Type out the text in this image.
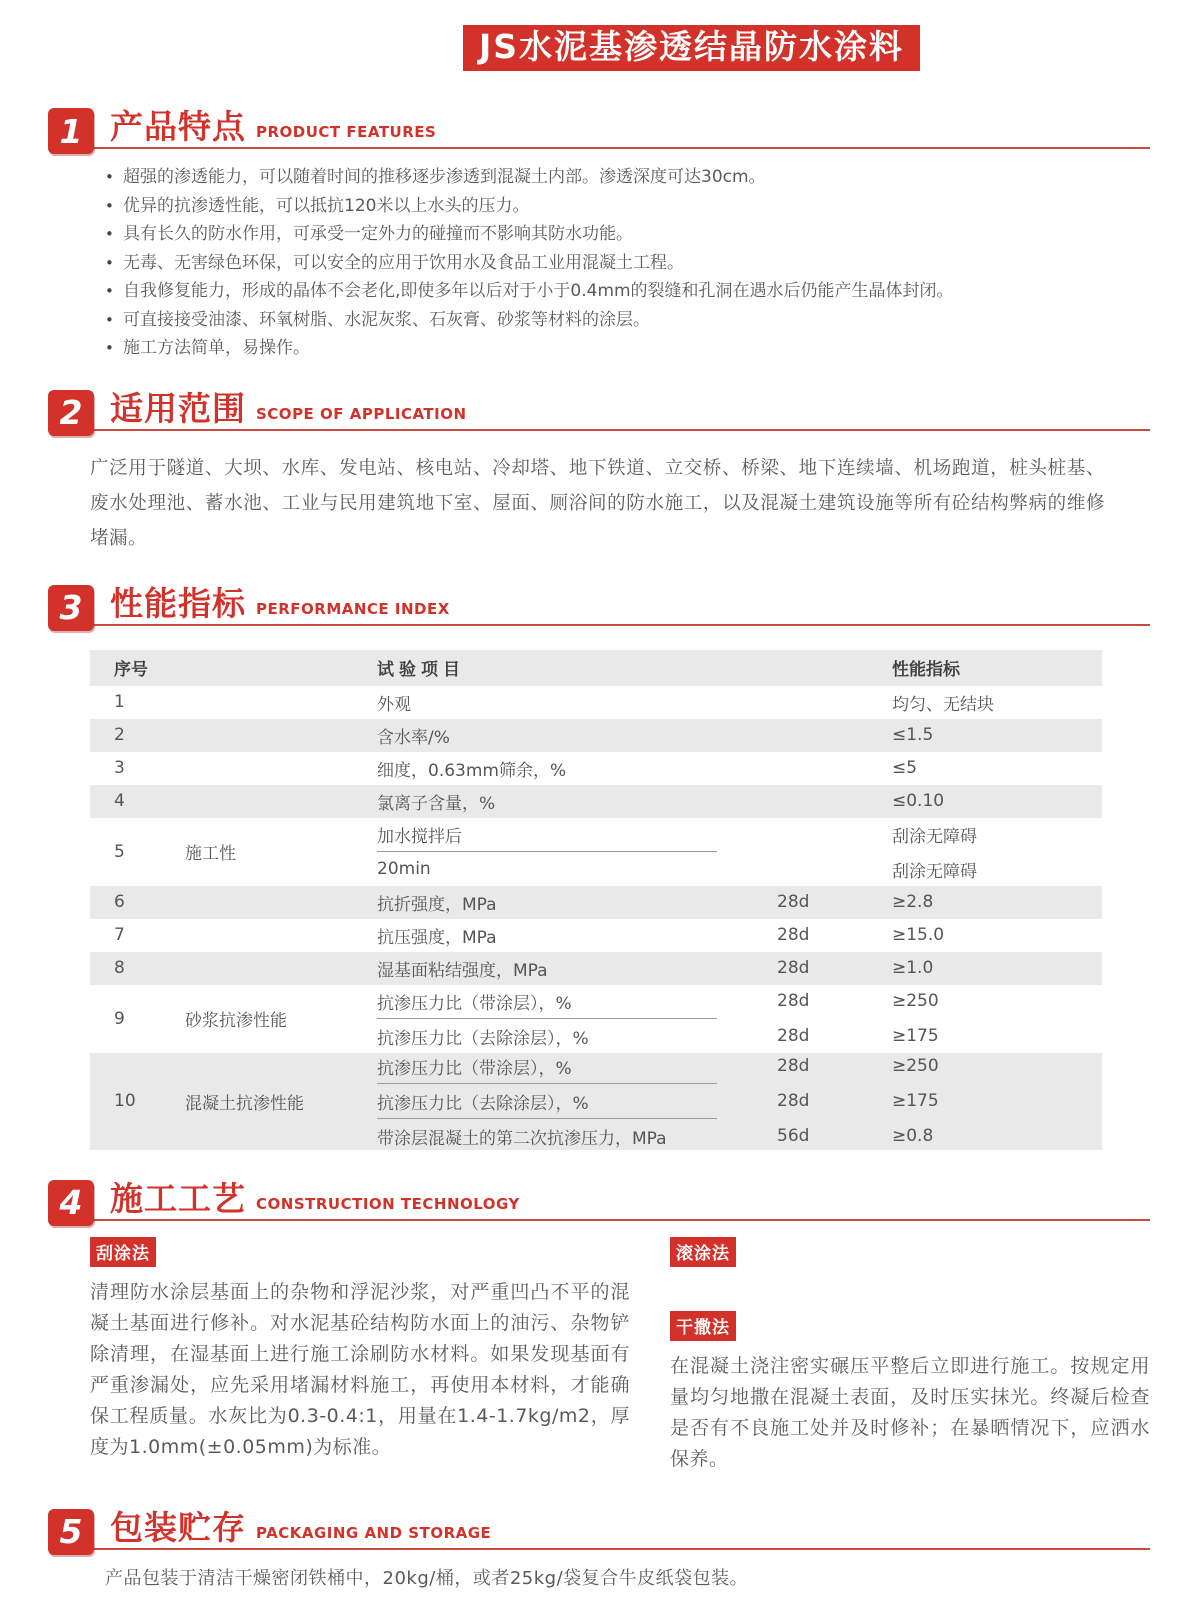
JS水泥基渗透结晶防水涂料
1 产品特点 PRODUCT FEATURES
• 超强的渗透能力，可以随着时间的推移逐步渗透到混凝土内部。渗透深度可达30cm。
• 优异的抗渗透性能，可以抵抗120米以上水头的压力。
• 具有长久的防水作用，可承受一定外力的碰撞而不影响其防水功能。
• 无毒、无害绿色环保，可以安全的应用于饮用水及食品工业用混凝土工程。
• 自我修复能力，形成的晶体不会老化,即使多年以后对于小于0.4mm的裂缝和孔洞在遇水后仍能产生晶体封闭。
• 可直接接受油漆、环氧树脂、水泥灰浆、石灰膏、砂浆等材料的涂层。
• 施工方法简单，易操作。
2 适用范围 SCOPE OF APPLICATION
广泛用于隧道、大坝、水库、发电站、核电站、冷却塔、地下铁道、立交桥、桥梁、地下连续墙、机场跑道，桩头桩基、废水处理池、蓄水池、工业与民用建筑地下室、屋面、厕浴间的防水施工，以及混凝土建筑设施等所有砼结构弊病的维修堵漏。
3 性能指标 PERFORMANCE INDEX
序号	试验项目	性能指标
1	外观	均匀、无结块
2	含水率/%	≤1.5
3	细度，0.63mm筛余，%	≤5
4	氯离子含量，%	≤0.10
5	施工性
加水搅拌后	刮涂无障碍
20min	刮涂无障碍
6	抗折强度，MPa	28d	≥2.8
7	抗压强度，MPa	28d	≥15.0
8	湿基面粘结强度，MPa	28d	≥1.0
9	砂浆抗渗性能
抗渗压力比（带涂层），%	28d	≥250
抗渗压力比（去除涂层），%	28d	≥175
10	混凝土抗渗性能
抗渗压力比（带涂层），%	28d	≥250
抗渗压力比（去除涂层），%	28d	≥175
带涂层混凝土的第二次抗渗压力，MPa	56d	≥0.8
4 施工工艺 CONSTRUCTION TECHNOLOGY
刮涂法
清理防水涂层基面上的杂物和浮泥沙浆，对严重凹凸不平的混凝土基面进行修补。对水泥基砼结构防水面上的油污、杂物铲除清理，在湿基面上进行施工涂刷防水材料。如果发现基面有严重渗漏处，应先采用堵漏材料施工，再使用本材料，才能确保工程质量。水灰比为0.3-0.4:1，用量在1.4-1.7kg/m2，厚度为1.0mm(±0.05mm)为标准。
滚涂法
干撒法
在混凝土浇注密实碾压平整后立即进行施工。按规定用量均匀地撒在混凝土表面，及时压实抹光。终凝后检查是否有不良施工处并及时修补；在暴晒情况下，应洒水保养。
5 包装贮存 PACKAGING AND STORAGE
产品包装于清洁干燥密闭铁桶中，20kg/桶，或者25kg/袋复合牛皮纸袋包装。
